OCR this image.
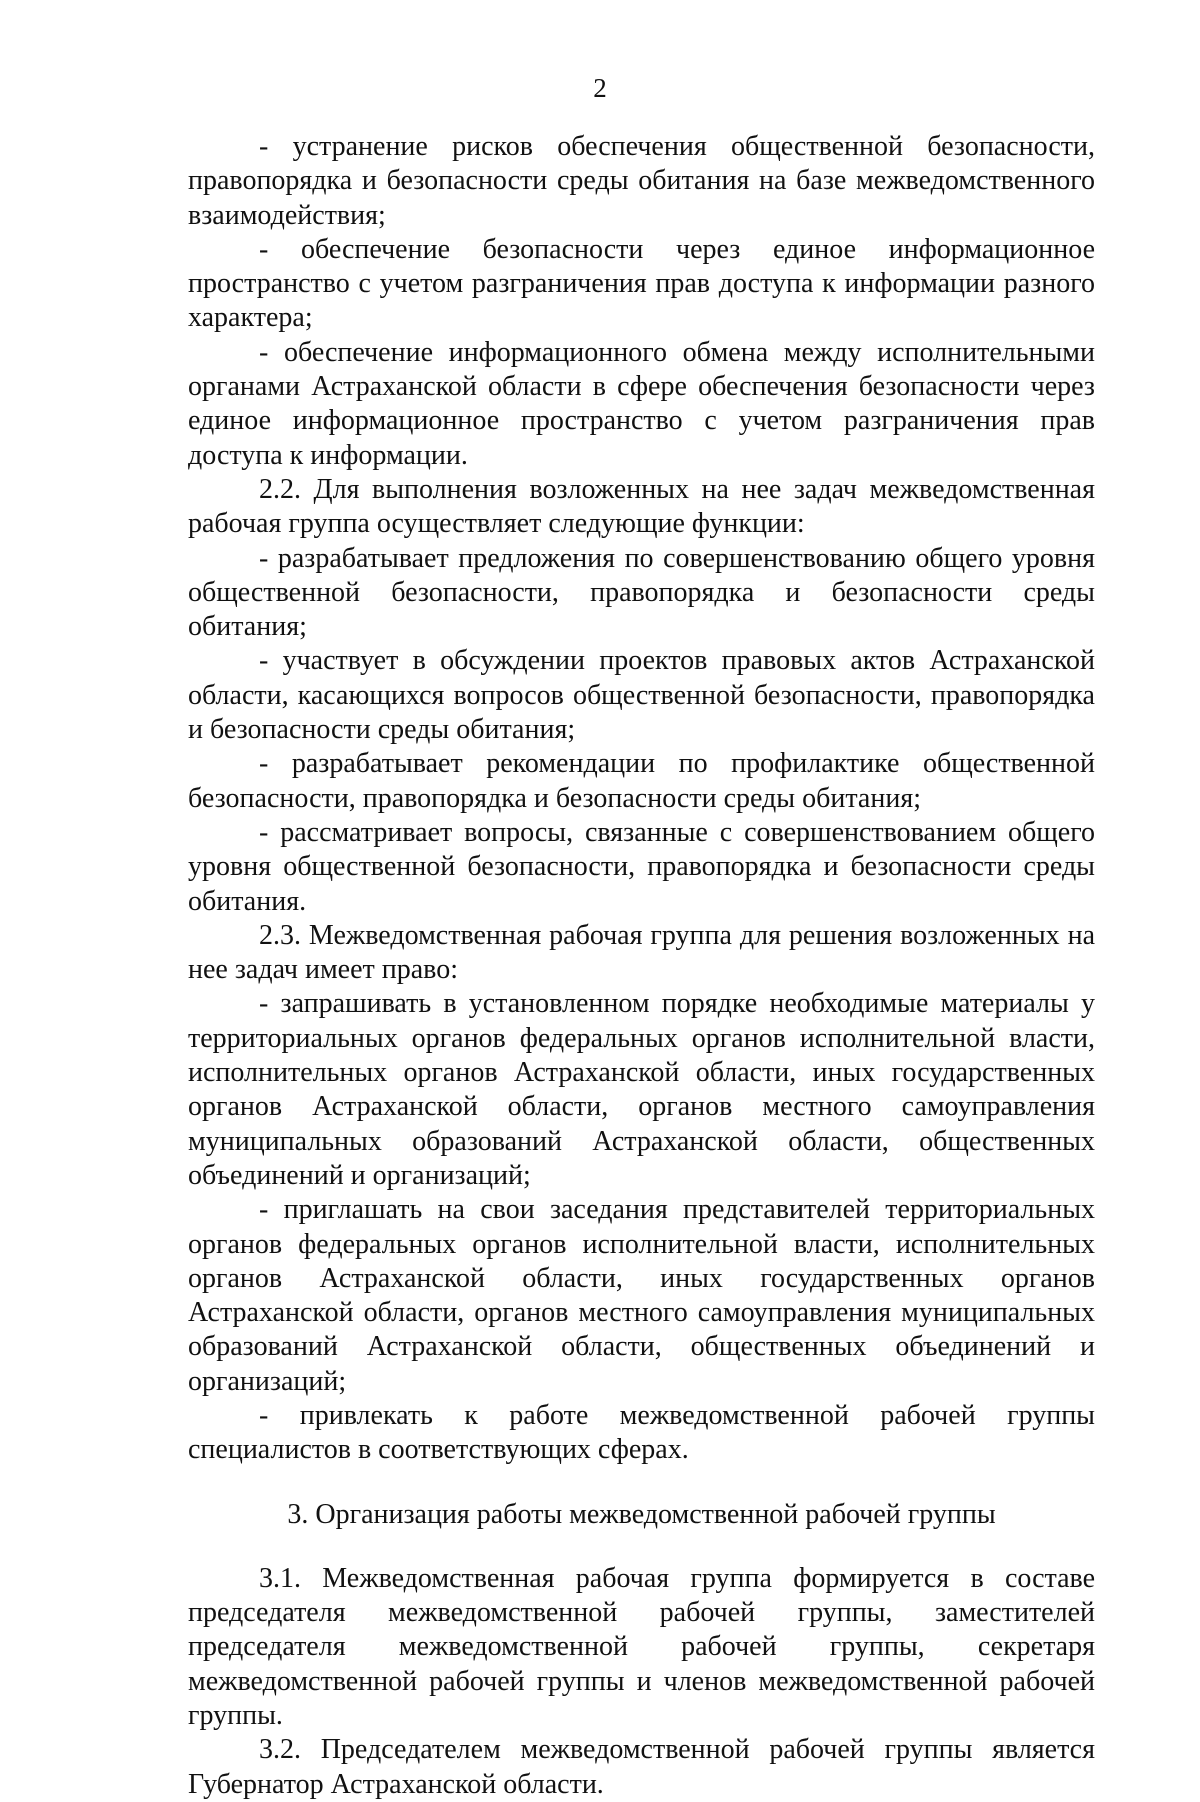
2

- устранение рисков обеспечения общественной безопасности, правопорядка и безопасности среды обитания на базе межведомственного взаимодействия;

- обеспечение безопасности через единое информационное пространство с учетом разграничения прав доступа к информации разного характера;

- обеспечение информационного обмена между исполнительными органами Астраханской области в сфере обеспечения безопасности через единое информационное пространство с учетом разграничения прав доступа к информации.

2.2. Для выполнения возложенных на нее задач межведомственная рабочая группа осуществляет следующие функции:

- разрабатывает предложения по совершенствованию общего уровня общественной безопасности, правопорядка и безопасности среды обитания;

- участвует в обсуждении проектов правовых актов Астраханской области, касающихся вопросов общественной безопасности, правопорядка и безопасности среды обитания;

- разрабатывает рекомендации по профилактике общественной безопасности, правопорядка и безопасности среды обитания;

- рассматривает вопросы, связанные с совершенствованием общего уровня общественной безопасности, правопорядка и безопасности среды обитания.

2.3. Межведомственная рабочая группа для решения возложенных на нее задач имеет право:

- запрашивать в установленном порядке необходимые материалы у территориальных органов федеральных органов исполнительной власти, исполнительных органов Астраханской области, иных государственных органов Астраханской области, органов местного самоуправления муниципальных образований Астраханской области, общественных объединений и организаций;

- приглашать на свои заседания представителей территориальных органов федеральных органов исполнительной власти, исполнительных органов Астраханской области, иных государственных органов Астраханской области, органов местного самоуправления муниципальных образований Астраханской области, общественных объединений и организаций;

- привлекать к работе межведомственной рабочей группы специалистов в соответствующих сферах.

3. Организация работы межведомственной рабочей группы

3.1. Межведомственная рабочая группа формируется в составе председателя межведомственной рабочей группы, заместителей председателя межведомственной рабочей группы, секретаря межведомственной рабочей группы и членов межведомственной рабочей группы.

3.2. Председателем межведомственной рабочей группы является Губернатор Астраханской области.
